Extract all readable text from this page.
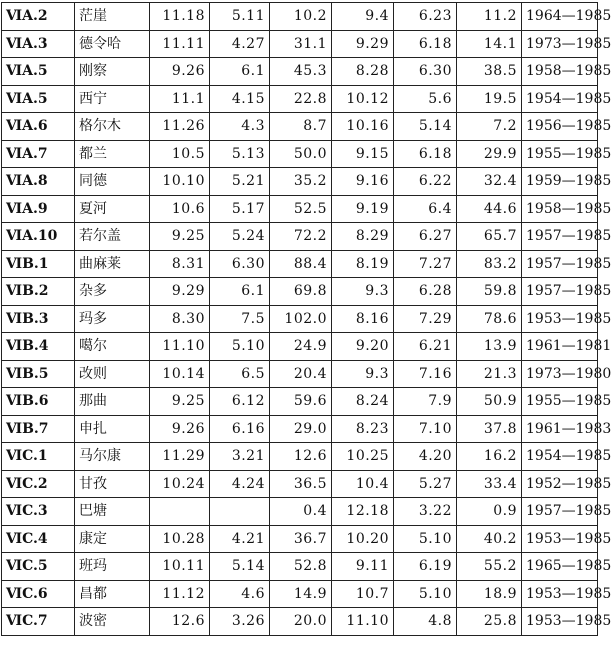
ⅥA.2	茫崖	11.18	5.11	10.2	9.4	6.23	11.2	1964—1985
ⅥA.3	德令哈	11.11	4.27	31.1	9.29	6.18	14.1	1973—1985
ⅥA.5	刚察	9.26	6.1	45.3	8.28	6.30	38.5	1958—1985
ⅥA.5	西宁	11.1	4.15	22.8	10.12	5.6	19.5	1954—1985
ⅥA.6	格尔木	11.26	4.3	8.7	10.16	5.14	7.2	1956—1985
ⅥA.7	都兰	10.5	5.13	50.0	9.15	6.18	29.9	1955—1985
ⅥA.8	同德	10.10	5.21	35.2	9.16	6.22	32.4	1959—1985
ⅥA.9	夏河	10.6	5.17	52.5	9.19	6.4	44.6	1958—1985
ⅥA.10	若尔盖	9.25	5.24	72.2	8.29	6.27	65.7	1957—1985
ⅥB.1	曲麻莱	8.31	6.30	88.4	8.19	7.27	83.2	1957—1985
ⅥB.2	杂多	9.29	6.1	69.8	9.3	6.28	59.8	1957—1985
ⅥB.3	玛多	8.30	7.5	102.0	8.16	7.29	78.6	1953—1985
ⅥB.4	噶尔	11.10	5.10	24.9	9.20	6.21	13.9	1961—1981
ⅥB.5	改则	10.14	6.5	20.4	9.3	7.16	21.3	1973—1980
ⅥB.6	那曲	9.25	6.12	59.6	8.24	7.9	50.9	1955—1985
ⅥB.7	申扎	9.26	6.16	29.0	8.23	7.10	37.8	1961—1983
ⅥC.1	马尔康	11.29	3.21	12.6	10.25	4.20	16.2	1954—1985
ⅥC.2	甘孜	10.24	4.24	36.5	10.4	5.27	33.4	1952—1985
ⅥC.3	巴塘			0.4	12.18	3.22	0.9	1957—1985
ⅥC.4	康定	10.28	4.21	36.7	10.20	5.10	40.2	1953—1985
ⅥC.5	班玛	10.11	5.14	52.8	9.11	6.19	55.2	1965—1985
ⅥC.6	昌都	11.12	4.6	14.9	10.7	5.10	18.9	1953—1985
ⅥC.7	波密	12.6	3.26	20.0	11.10	4.8	25.8	1953—1985
